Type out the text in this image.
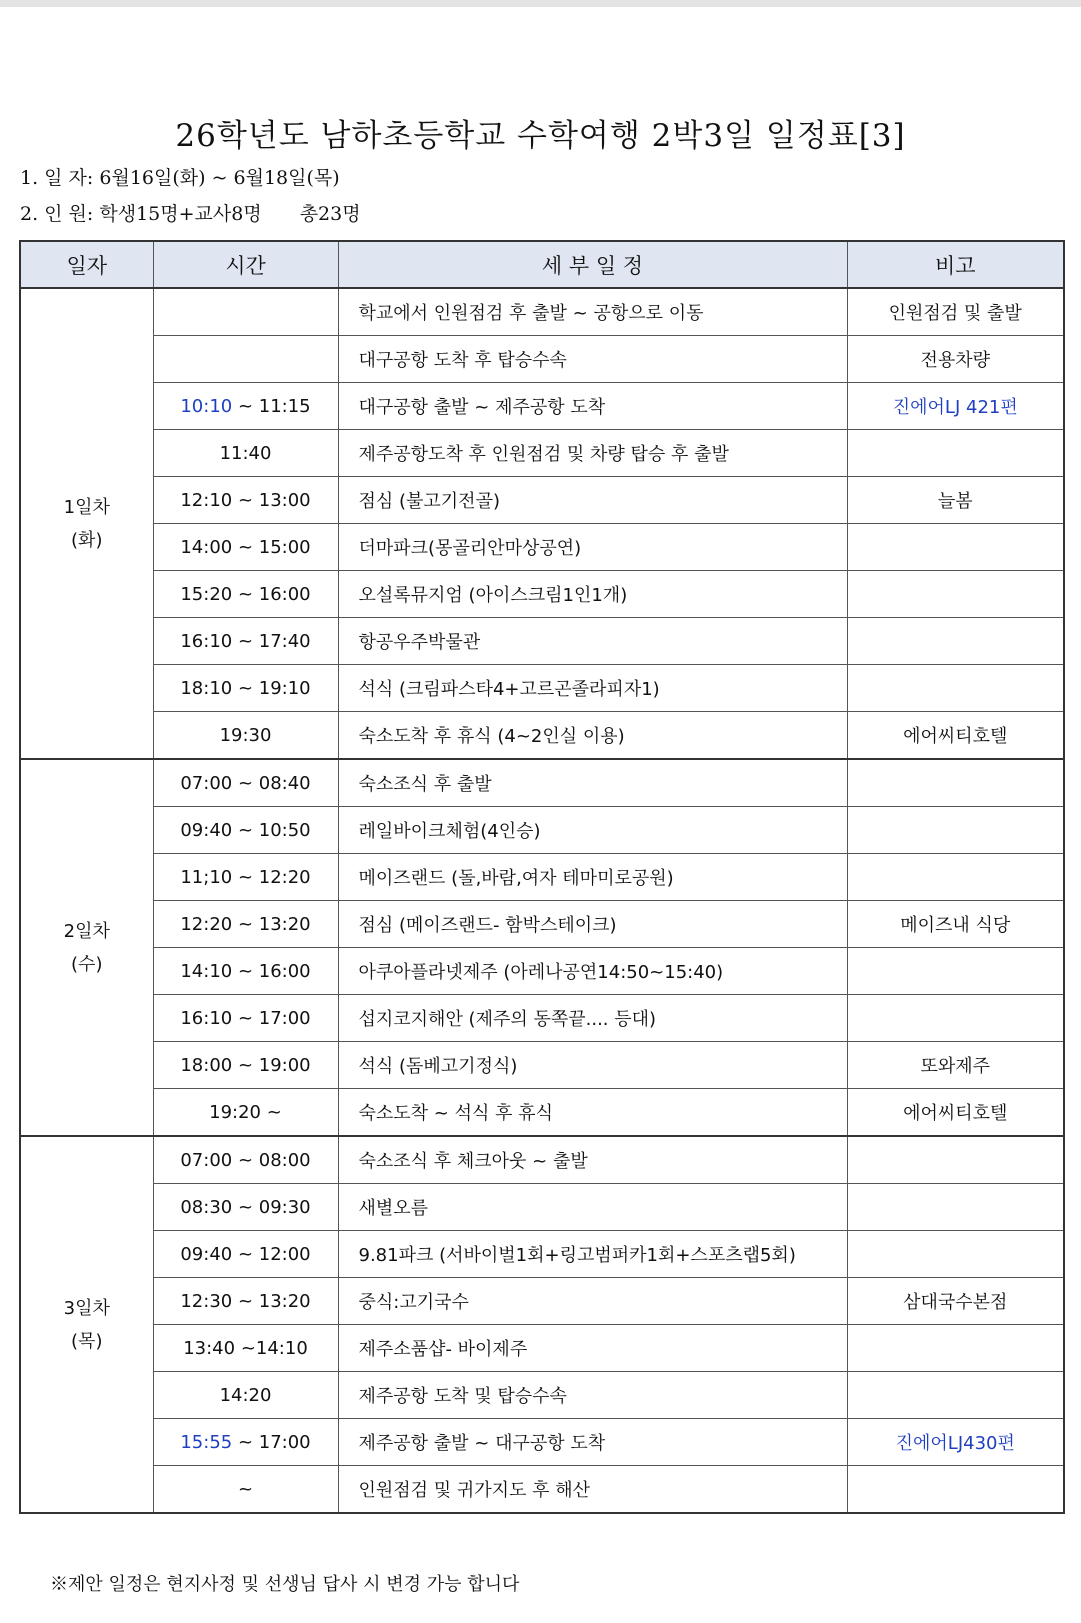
26학년도 남하초등학교 수학여행 2박3일 일정표[3]
1. 일 자: 6월16일(화) ~ 6월18일(목)
2. 인 원: 학생15명+교사8명 총23명
일자	시간	세 부 일 정	비고

1일차
(화)		학교에서 인원점검 후 출발 ~ 공항으로 이동	인원점검 및 출발
		대구공항 도착 후 탑승수속	전용차량
	10:10 ~ 11:15	대구공항 출발 ~ 제주공항 도착	진에어LJ 421편
	11:40	제주공항도착 후 인원점검 및 차량 탑승 후 출발	
	12:10 ~ 13:00	점심 (불고기전골)	늘봄
	14:00 ~ 15:00	더마파크(몽골리안마상공연)	
	15:20 ~ 16:00	오설록뮤지엄 (아이스크림1인1개)	
	16:10 ~ 17:40	항공우주박물관	
	18:10 ~ 19:10	석식 (크림파스타4+고르곤졸라피자1)	
	19:30	숙소도착 후 휴식 (4~2인실 이용)	에어씨티호텔

2일차
(수)	07:00 ~ 08:40	숙소조식 후 출발	
	09:40 ~ 10:50	레일바이크체험(4인승)	
	11;10 ~ 12:20	메이즈랜드 (돌,바람,여자 테마미로공원)	
	12:20 ~ 13:20	점심 (메이즈랜드- 함박스테이크)	메이즈내 식당
	14:10 ~ 16:00	아쿠아플라넷제주 (아레나공연14:50~15:40)	
	16:10 ~ 17:00	섭지코지해안 (제주의 동쪽끝.... 등대)	
	18:00 ~ 19:00	석식 (돔베고기정식)	또와제주
	19:20 ~	숙소도착 ~ 석식 후 휴식	에어씨티호텔

3일차
(목)	07:00 ~ 08:00	숙소조식 후 체크아웃 ~ 출발	
	08:30 ~ 09:30	새별오름	
	09:40 ~ 12:00	9.81파크 (서바이벌1회+링고범퍼카1회+스포츠랩5회)	
	12:30 ~ 13:20	중식:고기국수	삼대국수본점
	13:40 ~14:10	제주소품샵- 바이제주	
	14:20	제주공항 도착 및 탑승수속	
	15:55 ~ 17:00	제주공항 출발 ~ 대구공항 도착	진에어LJ430편
	~	인원점검 및 귀가지도 후 해산	
※제안 일정은 현지사정 및 선생님 답사 시 변경 가능 합니다
